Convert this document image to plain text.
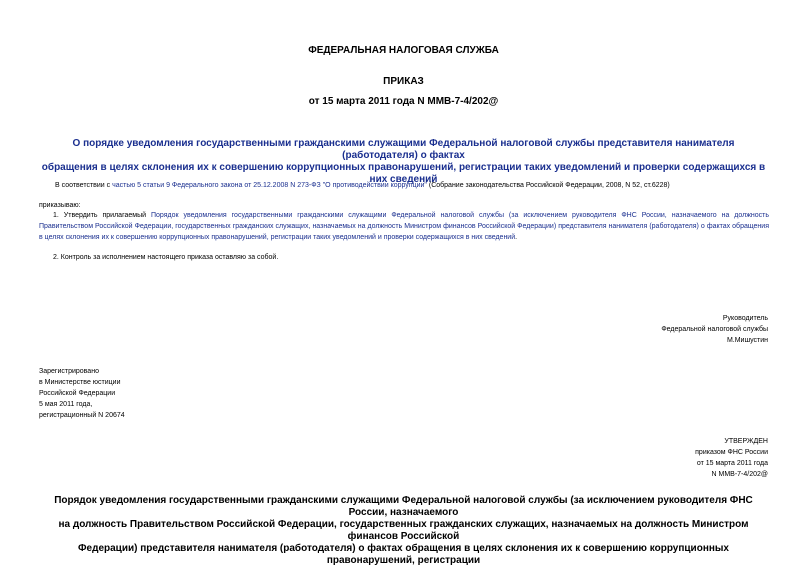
ФЕДЕРАЛЬНАЯ НАЛОГОВАЯ СЛУЖБА
ПРИКАЗ
от 15 марта 2011 года N ММВ-7-4/202@
О порядке уведомления государственными гражданскими служащими Федеральной налоговой службы представителя нанимателя (работодателя) о фактах
обращения в целях склонения их к совершению коррупционных правонарушений, регистрации таких уведомлений и проверки содержащихся в них сведений
В соответствии с частью 5 статьи 9 Федерального закона от 25.12.2008 N 273-ФЗ "О противодействии коррупции" (Собрание законодательства Российской Федерации, 2008, N 52, ст.6228)
приказываю:
1. Утвердить прилагаемый Порядок уведомления государственными гражданскими служащими Федеральной налоговой службы (за исключением руководителя ФНС России, назначаемого на должность Правительством Российской Федерации, государственных гражданских служащих, назначаемых на должность Министром финансов Российской Федерации) представителя нанимателя (работодателя) о фактах обращения в целях склонения их к совершению коррупционных правонарушений, регистрации таких уведомлений и проверки содержащихся в них сведений.
2. Контроль за исполнением настоящего приказа оставляю за собой.
Руководитель
Федеральной налоговой службы
М.Мишустин
Зарегистрировано
в Министерстве юстиции
Российской Федерации
5 мая 2011 года,
регистрационный N 20674
УТВЕРЖДЕН
приказом ФНС России
от 15 марта 2011 года
N ММВ-7-4/202@
Порядок уведомления государственными гражданскими служащими Федеральной налоговой службы (за исключением руководителя ФНС России, назначаемого
на должность Правительством Российской Федерации, государственных гражданских служащих, назначаемых на должность Министром финансов Российской
Федерации) представителя нанимателя (работодателя) о фактах обращения в целях склонения их к совершению коррупционных правонарушений, регистрации
